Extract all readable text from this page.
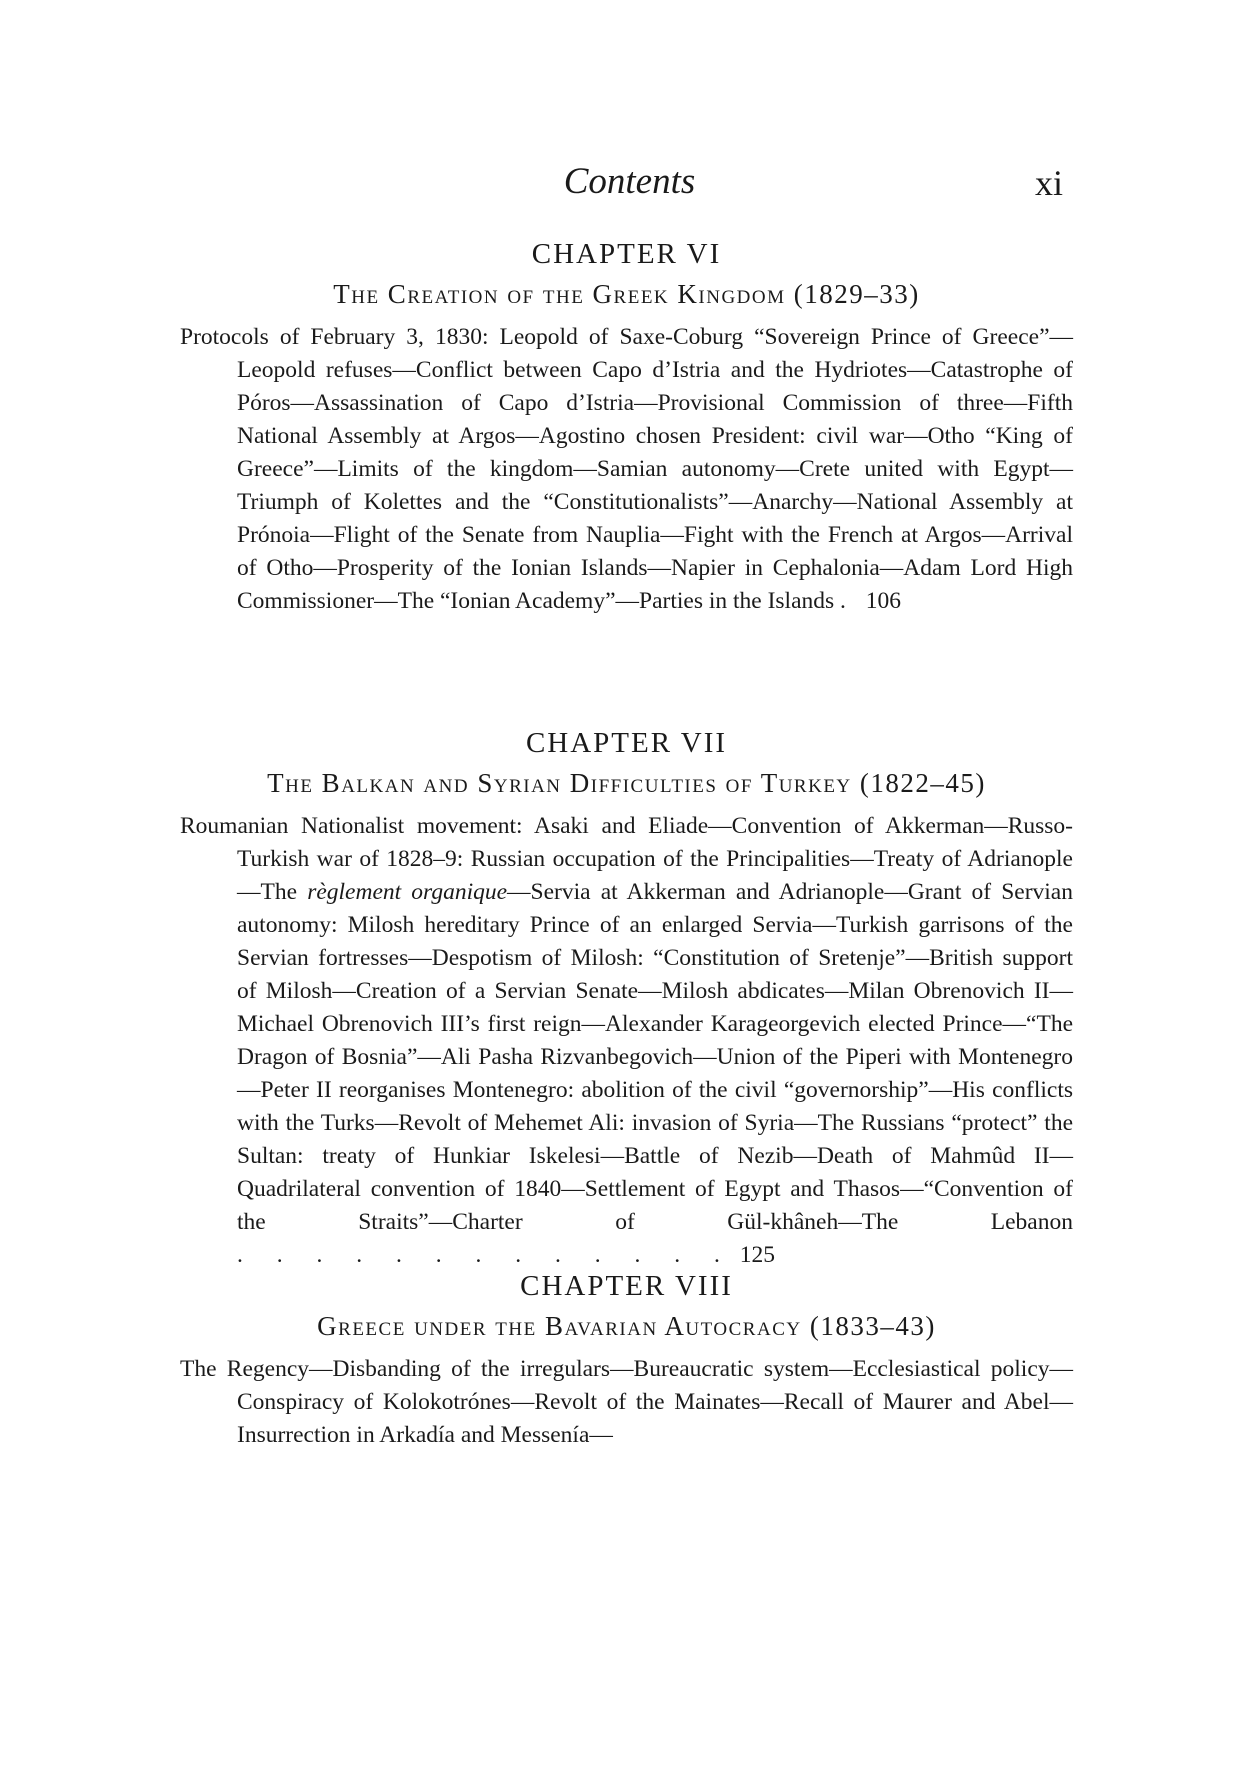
Contents	xi

CHAPTER VI

The Creation of the Greek Kingdom (1829–33)

Protocols of February 3, 1830: Leopold of Saxe-Coburg “Sovereign Prince of Greece”—Leopold refuses—Conflict between Capo d’Istria and the Hydriotes—Catastrophe of Póros—Assassination of Capo d’Istria—Provisional Commission of three—Fifth National Assembly at Argos—Agostino chosen President: civil war—Otho “King of Greece”—Limits of the kingdom—Samian autonomy—Crete united with Egypt—Triumph of Kolettes and the “Constitutionalists”—Anarchy—National Assembly at Prónoia—Flight of the Senate from Nauplia—Fight with the French at Argos—Arrival of Otho—Prosperity of the Ionian Islands—Napier in Cephalonia—Adam Lord High Commissioner—The “Ionian Academy”—Parties in the Islands . 106

CHAPTER VII

The Balkan and Syrian Difficulties of Turkey (1822–45)

Roumanian Nationalist movement: Asaki and Eliade—Convention of Akkerman—Russo-Turkish war of 1828–9: Russian occupation of the Principalities—Treaty of Adrianople—The règlement organique—Servia at Akkerman and Adrianople—Grant of Servian autonomy: Milosh hereditary Prince of an enlarged Servia—Turkish garrisons of the Servian fortresses—Despotism of Milosh: “Constitution of Sretenje”—British support of Milosh—Creation of a Servian Senate—Milosh abdicates—Milan Obrenovich II—Michael Obrenovich III’s first reign—Alexander Karageorgevich elected Prince—“The Dragon of Bosnia”—Ali Pasha Rizvanbegovich—Union of the Piperi with Montenegro—Peter II reorganises Montenegro: abolition of the civil “governorship”—His conflicts with the Turks—Revolt of Mehemet Ali: invasion of Syria—The Russians “protect” the Sultan: treaty of Hunkiar Iskelesi—Battle of Nezib—Death of Mahmûd II—Quadrilateral convention of 1840—Settlement of Egypt and Thasos—“Convention of the Straits”—Charter of Gül-khâneh—The Lebanon . . . . . . . . . . . . . 125

CHAPTER VIII

Greece under the Bavarian Autocracy (1833–43)

The Regency—Disbanding of the irregulars—Bureaucratic system—Ecclesiastical policy—Conspiracy of Kolokotrónes—Revolt of the Mainates—Recall of Maurer and Abel—Insurrection in Arkadía and Messenía—
